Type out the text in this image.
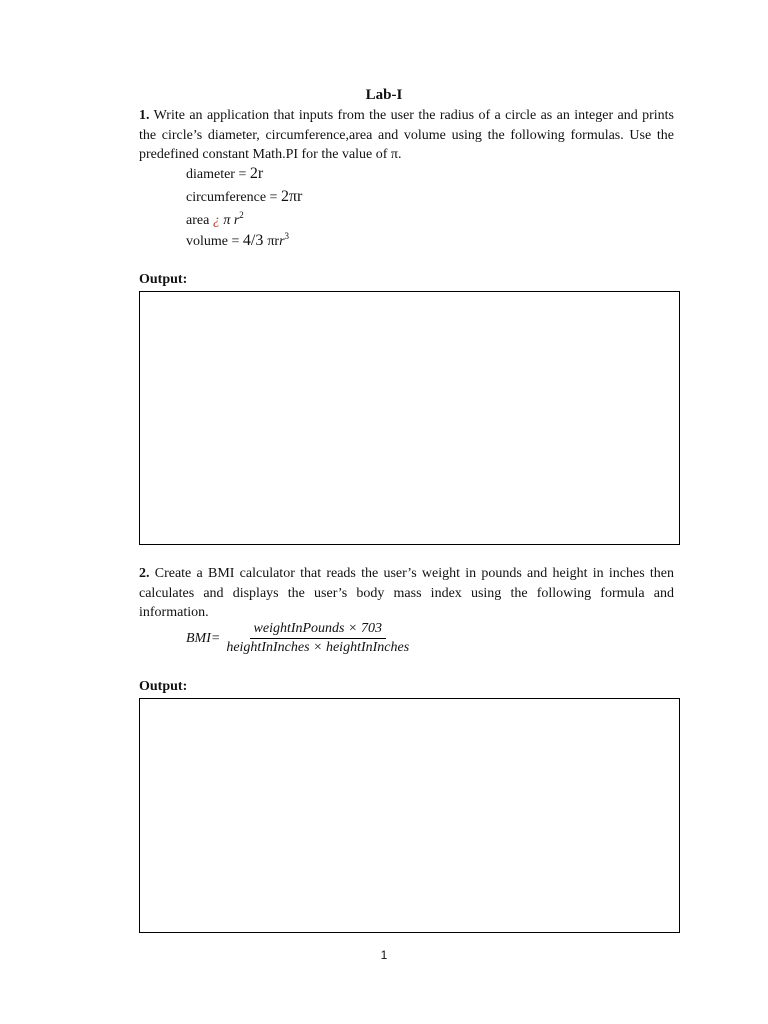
Lab-I
1. Write an application that inputs from the user the radius of a circle as an integer and prints the circle’s diameter, circumference,area and volume using the following formulas. Use the predefined constant Math.PI for the value of π.
diameter = 2r
circumference = 2πr
area ¿ π $r^2$
volume = 4/3 πrr$^3$
Output:
2. Create a BMI calculator that reads the user’s weight in pounds and height in inches then calculates and displays the user’s body mass index using the following formula and information.
$BMI= \frac{\text{weightInPounds × 703}}{\text{heightInInches × heightInInches}}$
Output:
1
